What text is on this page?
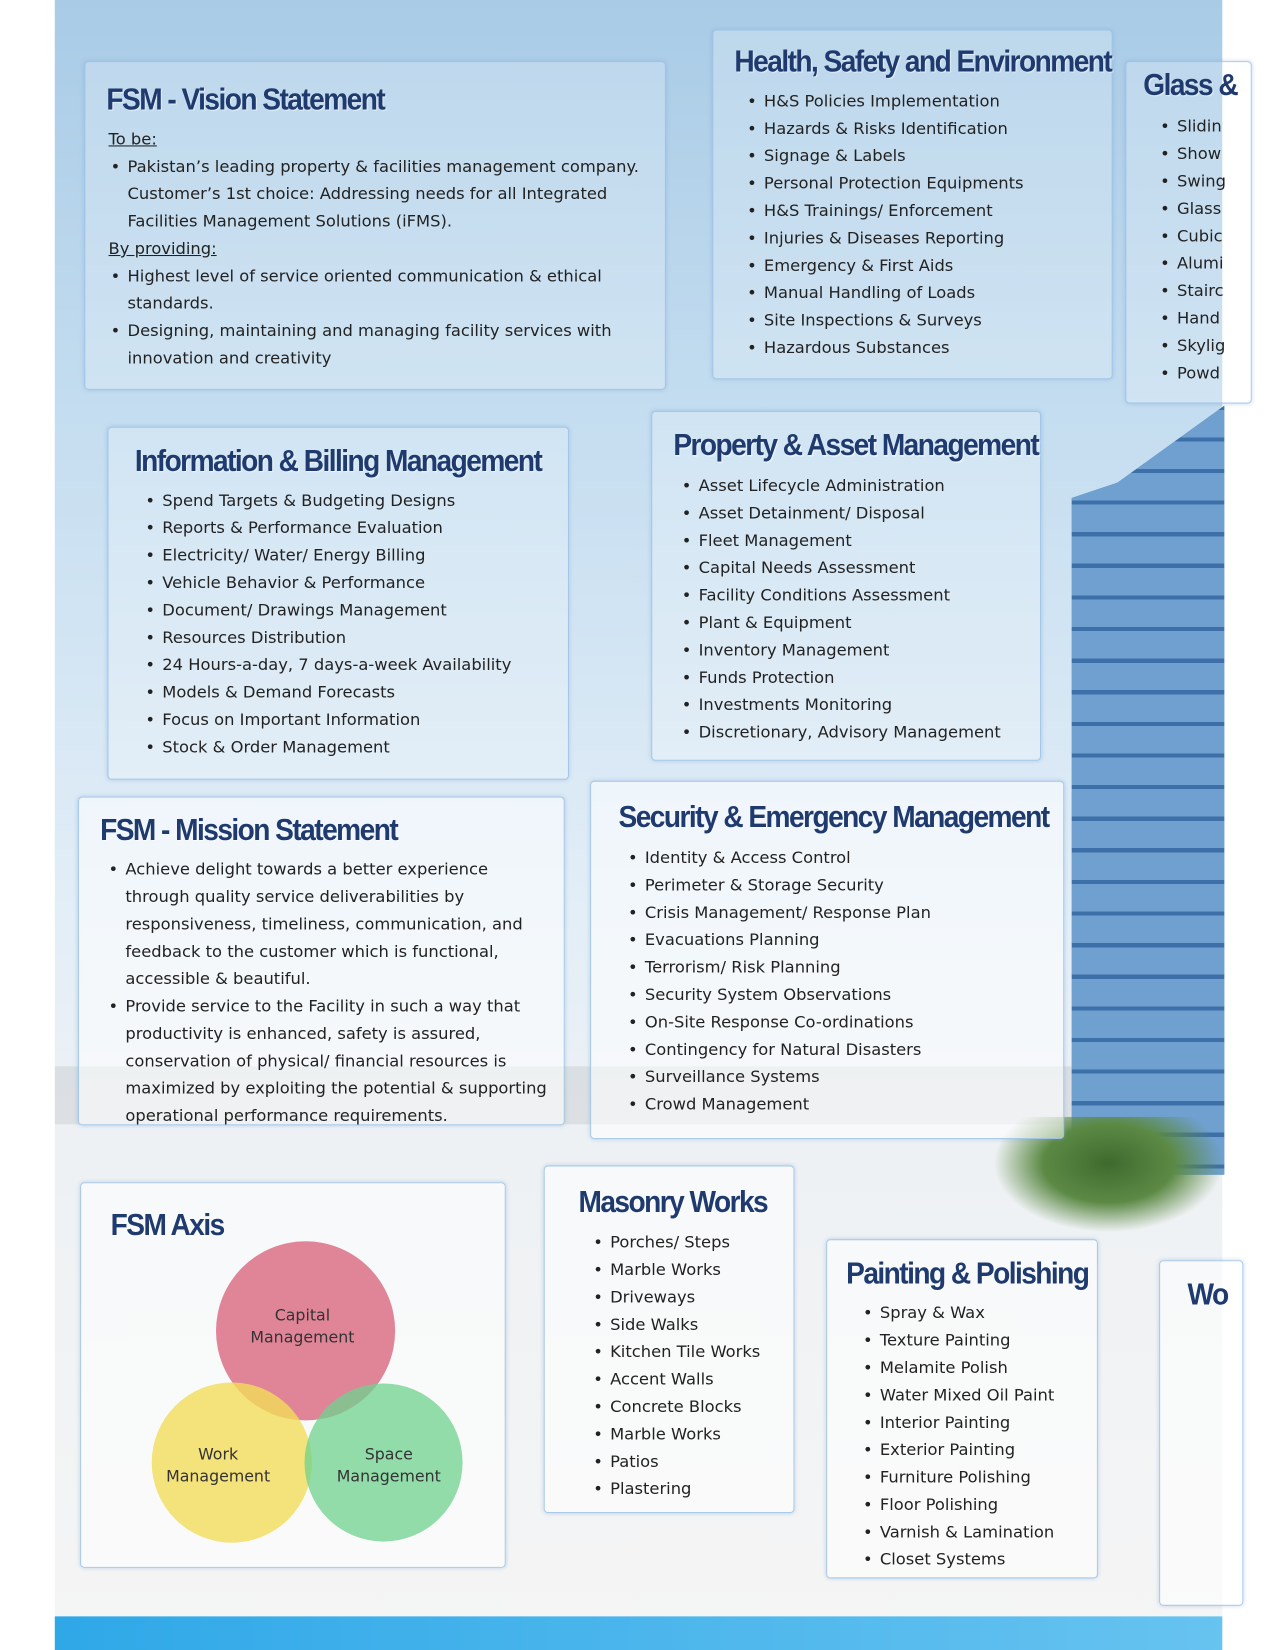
FSM - Vision Statement
To be:
• Pakistan’s leading property & facilities management company. Customer’s 1st choice: Addressing needs for all Integrated Facilities Management Solutions (iFMS).
By providing:
• Highest level of service oriented communication & ethical standards.
• Designing, maintaining and managing facility services with innovation and creativity
Health, Safety and Environment
• H&S Policies Implementation
• Hazards & Risks Identification
• Signage & Labels
• Personal Protection Equipments
• H&S Trainings/ Enforcement
• Injuries & Diseases Reporting
• Emergency & First Aids
• Manual Handling of Loads
• Site Inspections & Surveys
• Hazardous Substances
Glass &
• Slidin
• Show
• Swing
• Glass
• Cubic
• Alumi
• Stairc
• Hand
• Skylig
• Powd
Information & Billing Management
• Spend Targets & Budgeting Designs
• Reports & Performance Evaluation
• Electricity/ Water/ Energy Billing
• Vehicle Behavior & Performance
• Document/ Drawings Management
• Resources Distribution
• 24 Hours-a-day, 7 days-a-week Availability
• Models & Demand Forecasts
• Focus on Important Information
• Stock & Order Management
Property & Asset Management
• Asset Lifecycle Administration
• Asset Detainment/ Disposal
• Fleet Management
• Capital Needs Assessment
• Facility Conditions Assessment
• Plant & Equipment
• Inventory Management
• Funds Protection
• Investments Monitoring
• Discretionary, Advisory Management
FSM - Mission Statement
• Achieve delight towards a better experience through quality service deliverabilities by responsiveness, timeliness, communication, and feedback to the customer which is functional, accessible & beautiful.
• Provide service to the Facility in such a way that productivity is enhanced, safety is assured, conservation of physical/ financial resources is maximized by exploiting the potential & supporting operational performance requirements.
Security & Emergency Management
• Identity & Access Control
• Perimeter & Storage Security
• Crisis Management/ Response Plan
• Evacuations Planning
• Terrorism/ Risk Planning
• Security System Observations
• On-Site Response Co-ordinations
• Contingency for Natural Disasters
• Surveillance Systems
• Crowd Management
FSM Axis
Capital
Management
Work
Management
Space
Management
Masonry Works
• Porches/ Steps
• Marble Works
• Driveways
• Side Walks
• Kitchen Tile Works
• Accent Walls
• Concrete Blocks
• Marble Works
• Patios
• Plastering
Painting & Polishing
• Spray & Wax
• Texture Painting
• Melamite Polish
• Water Mixed Oil Paint
• Interior Painting
• Exterior Painting
• Furniture Polishing
• Floor Polishing
• Varnish & Lamination
• Closet Systems
Wo
